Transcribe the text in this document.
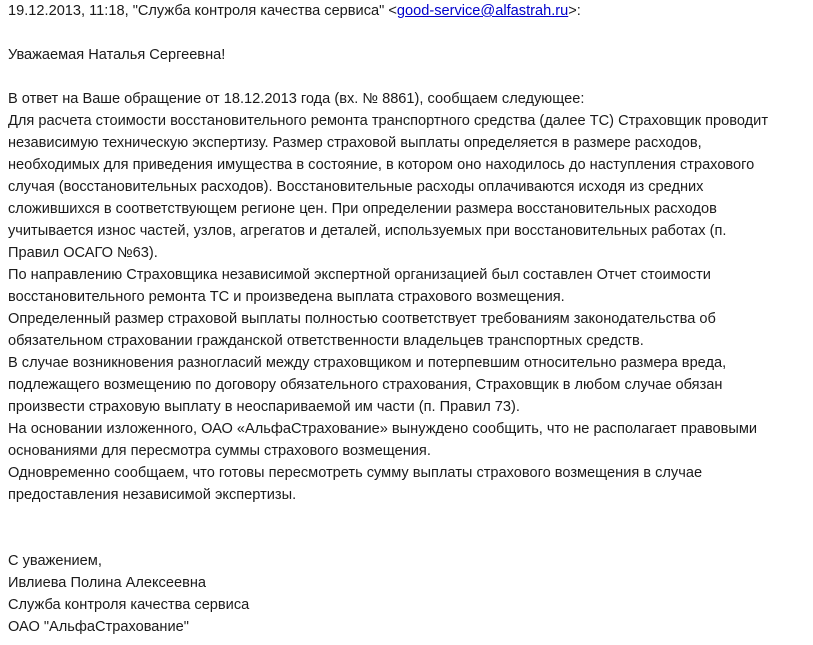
19.12.2013, 11:18, "Служба контроля качества сервиса" <good-service@alfastrah.ru>:
Уважаемая Наталья Сергеевна!
В ответ на Ваше обращение от 18.12.2013 года (вх. № 8861), сообщаем следующее:
Для расчета стоимости восстановительного ремонта транспортного средства (далее ТС) Страховщик проводит
независимую техническую экспертизу. Размер страховой выплаты определяется в размере расходов,
необходимых для приведения имущества в состояние, в котором оно находилось до наступления страхового
случая (восстановительных расходов). Восстановительные расходы оплачиваются исходя из средних
сложившихся в соответствующем регионе цен. При определении размера восстановительных расходов
учитывается износ частей, узлов, агрегатов и деталей, используемых при восстановительных работах (п.
Правил ОСАГО №63).
По направлению Страховщика независимой экспертной организацией был составлен Отчет стоимости
восстановительного ремонта ТС и произведена выплата страхового возмещения.
Определенный размер страховой выплаты полностью соответствует требованиям законодательства об
обязательном страховании гражданской ответственности владельцев транспортных средств.
В случае возникновения разногласий между страховщиком и потерпевшим относительно размера вреда,
подлежащего возмещению по договору обязательного страхования, Страховщик в любом случае обязан
произвести страховую выплату в неоспариваемой им части (п. Правил 73).
На основании изложенного, ОАО «АльфаСтрахование» вынуждено сообщить, что не располагает правовыми
основаниями для пересмотра суммы страхового возмещения.
Одновременно сообщаем, что готовы пересмотреть сумму выплаты страхового возмещения в случае
предоставления независимой экспертизы.
С уважением,
Ивлиева Полина Алексеевна
Служба контроля качества сервиса
ОАО "АльфаСтрахование"
